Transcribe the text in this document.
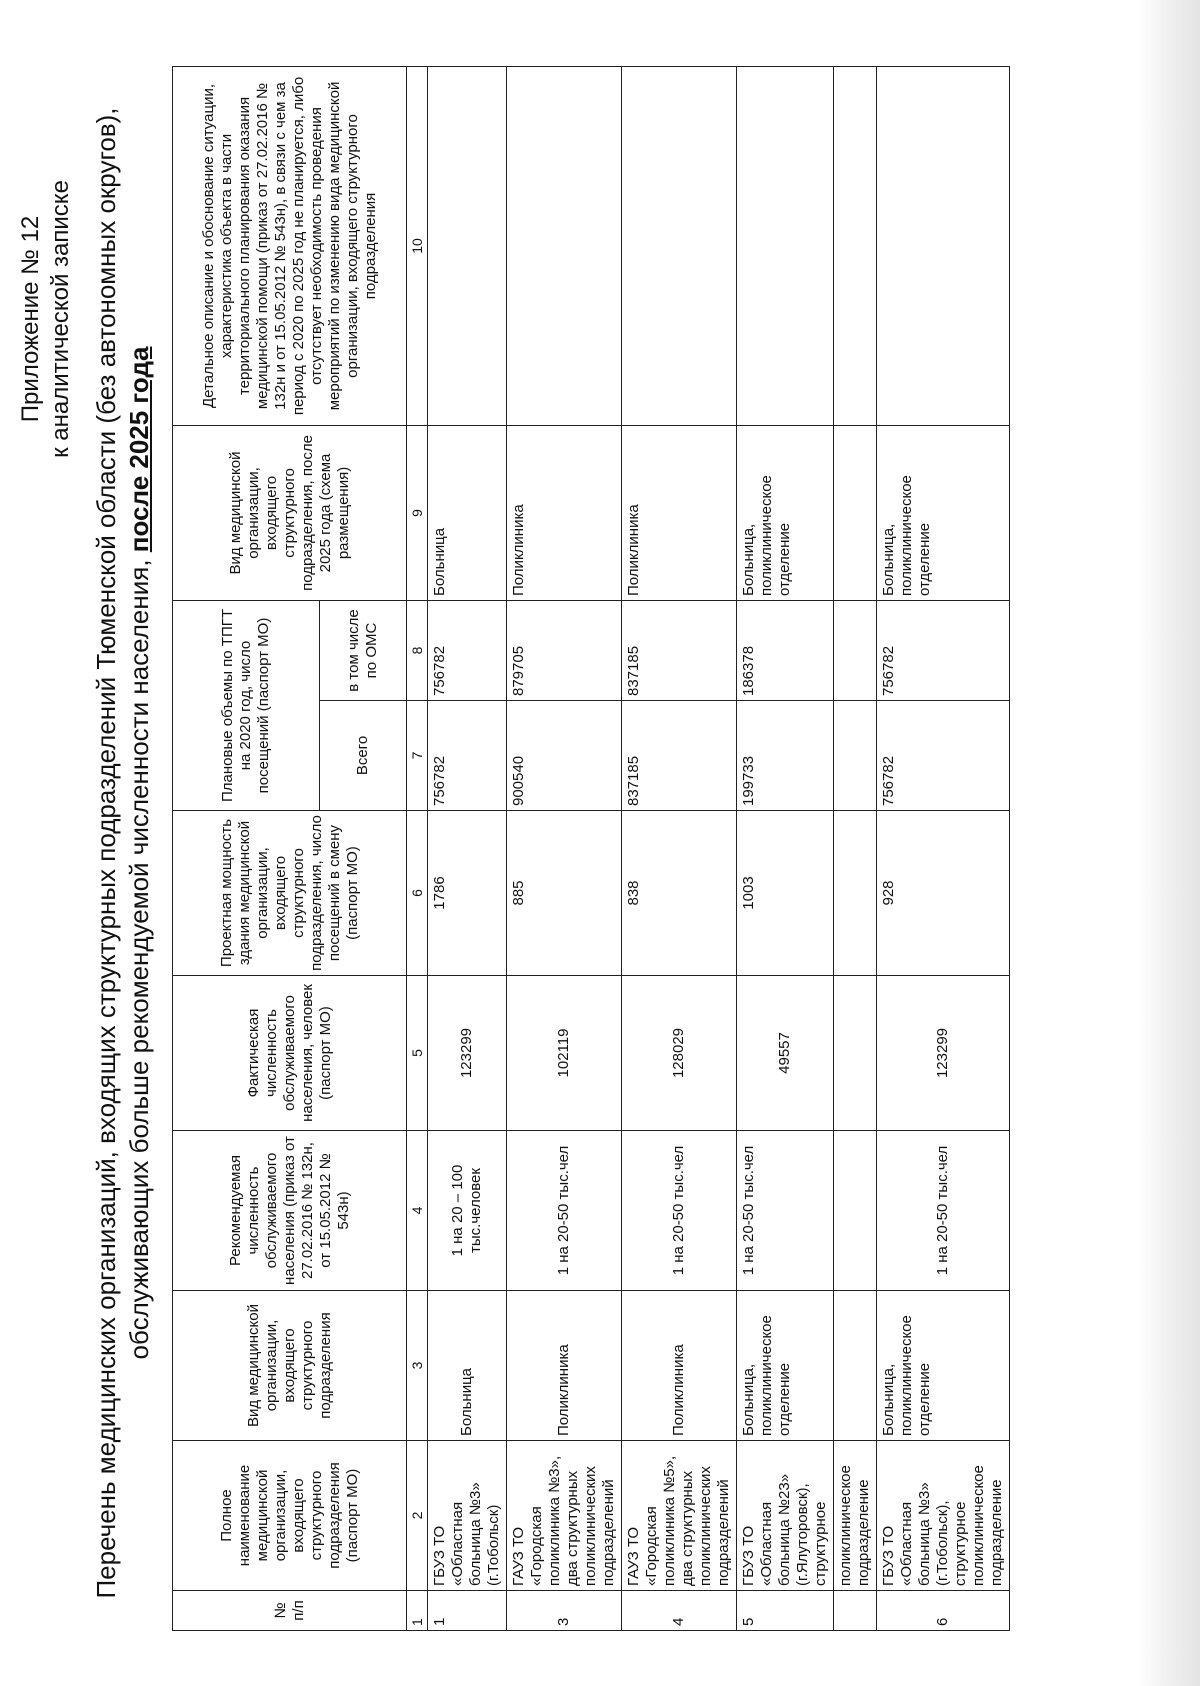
Приложение № 12 к аналитической записке Перечень медицинских организаций, входящих структурных подразделений Тюменской области (без автономных округов), обслуживающих больше рекомендуемой численности населения, после 2025 года
№ п/п	Полное наименование медицинской организации, входящего структурного подразделения (паспорт МО)	Вид медицинской организации, входящего структурного подразделения	Рекомендуемая численность обслуживаемого населения (приказ от 27.02.2016 № 132н, от 15.05.2012 № 543н)	Фактическая численность обслуживаемого населения, человек (паспорт МО)	Проектная мощность здания медицинской организации, входящего структурного подразделения, число посещений в смену (паспорт МО)	Плановые объемы по ТПГТ на 2020 год, число посещений (паспорт МО)		Вид медицинской организации, входящего структурного подразделения, после 2025 года (схема размещения)	Детальное описание и обоснование ситуации, характеристика объекта в части территориального планирования оказания медицинской помощи (приказ от 27.02.2016 № 132н и от 15.05.2012 № 543н), в связи с чем за период с 2020 по 2025 год не планируется, либо отсутствует необходимость проведения мероприятий по изменению вида медицинской организации, входящего структурного подразделения
						Всего	в том числе по ОМС		
1	2	3	4	5	6	7	8	9	10
1	ГБУЗ ТО «Областная больница №3» (г.Тобольск)	Больница	1 на 20 – 100 тыс.человек	123299	1786	756782	756782	Больница	
3	ГАУЗ ТО «Городская поликлиника №3», два структурных поликлинических подразделений	Поликлиника	1 на 20-50 тыс.чел	102119	885	900540	879705	Поликлиника	
4	ГАУЗ ТО «Городская поликлиника №5», два структурных поликлинических подразделений	Поликлиника	1 на 20-50 тыс.чел	128029	838	837185	837185	Поликлиника	
5	ГБУЗ ТО «Областная больница №23» (г.Ялуторовск), структурное	Больница, поликлиническое отделение	1 на 20-50 тыс.чел	49557	1003	199733	186378	Больница, поликлиническое отделение	
	поликлиническое подразделение								
6	ГБУЗ ТО «Областная больница №3» (г.Тобольск), структурное поликлиническое подразделение	Больница, поликлиническое отделение	1 на 20-50 тыс.чел	123299	928	756782	756782	Больница, поликлиническое отделение	
